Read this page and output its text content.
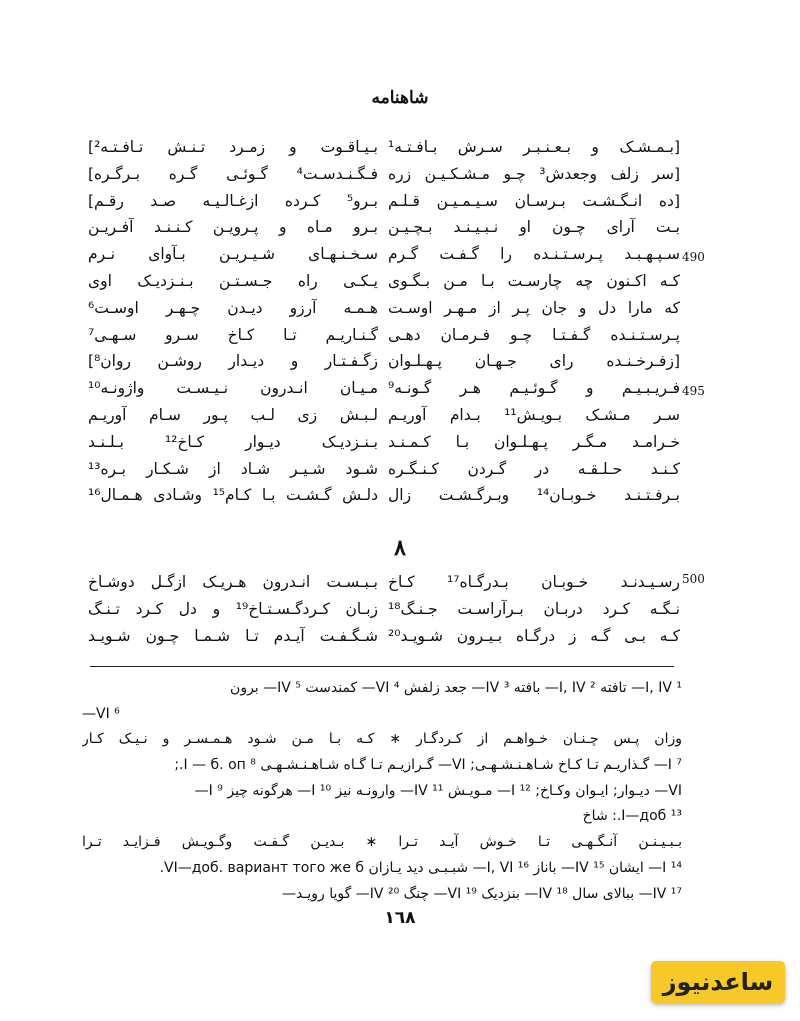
شاهنامه
[بـمـشـک و بـعـنـبـر سـرش بـافـتـه¹
بـیـاقـوت و زمـرد تـنـش تـافـتـه²]
[سر زلف وجعدش³ چـو مـشـکـیـن زره
فـگـنـدسـت⁴ گـوئـی گـره بـرگـره]
[ده انـگـشـت بـرسـان سـیـمـیـن قـلـم
بـرو⁵ کـرده ازغـالـیـه صـد رقـم]
بـت آرای چـون او نـبـیـنـد بـچـیـن
بـرو مـاه و پـرویـن کـنـنـد آفـریـن
سـپـهـبـد پـرسـتـنـده را گـفـت گـرم
سـخـنـهـای شـیـریـن بـآوای نـرم
کـه اکـنون چه چارسـت بـا مـن بـگـوی
یـکـی راه جـسـتـن بـنـزدیـک اوی
که مارا دل و جان پـر از مـهـر اوسـت
هـمـه آرزو دیـدن چـهـر اوسـت⁶
پـرسـتـنـده گـفـتـا چـو فـرمـان دهـی
گـنـاریـم تـا کـاخ سـرو سـهـی⁷
[زفـرخـنـده رای جـهـان پـهـلـوان
زگـفـتـار و دیـدار روشـن روان⁸]
فـریـبـیـم و گـوئـیـم هـر گـونـه⁹
مـیـان انـدرون نـیـسـت واژونـه¹⁰
سـر مـشـک بـویـش¹¹ بـدام آوریـم
لـبـش زی لـب پـور سـام آوریـم
خـرامـد مـگـر پـهـلـوان بـا کـمـنـد
بـنـزدیـک دیـوار کـاخ¹² بـلـنـد
کـنـد حـلـقـه در گـردن کـنـگـره
شـود شـیـر شـاد از شـکـار بـره¹³
بـرفـتـنـد خـوبـان¹⁴ وبـرگـشـت زال
دلـش گـشـت بـا کـام¹⁵ وشـادی هـمـال¹⁶
490
495
۸
رسـیـدنـد خـوبـان بـدرگـاه¹⁷ کـاخ
بـبـسـت انـدرون هـریـک ازگـل دوشـاخ
نـگـه کـرد دربـان بـرآراسـت جـنـگ¹⁸
زبـان کـردگـسـتـاخ¹⁹ و دل کـرد تـنـگ
کـه بـی گـه ز درگـاه بـیـرون شـویـد²⁰
شـگـفـت آیـدم تـا شـمـا چـون شـویـد
500
¹ I, IV— تافته ² I, IV— بافته ³ IV— جعد زلفش ⁴ VI— کمندست ⁵ IV— برون
⁶ VI—
وزان پـس چـنـان خـواهـم از کـردگـار ∗ کـه بـا مـن شـود هـمـسـر و نـیـک کـار
⁷ I— گـذاریـم تـا کـاخ شـاهـنـشـهـی; VI— گـرازیـم تـا گـاه شـاهـنـشـهـی ⁸ I — б. оп.;
VI— دیـوار; ایـوان وکـاخ; ¹² I— مـویـش ¹¹ IV— وارونـه نیز ¹⁰ I— هرگونه چیز ⁹ I—
¹³ I—доб.: شاخ
بـبـیـنـن آنـگـهـی تـا خـوش آیـد تـرا ∗ بـدیـن گـفـت وگـویـش فـزایـد تـرا
¹⁴ I— ایشان ¹⁵ IV— باناز ¹⁶ I, VI— شبـبـی دید یـازان VI—доб. вариант того же б.
¹⁷ IV— ببالای سال ¹⁸ IV— بنزدیک ¹⁹ VI— چنگ ²⁰ IV— گویا رویـد—
۱٦۸
ساعدنیوز
